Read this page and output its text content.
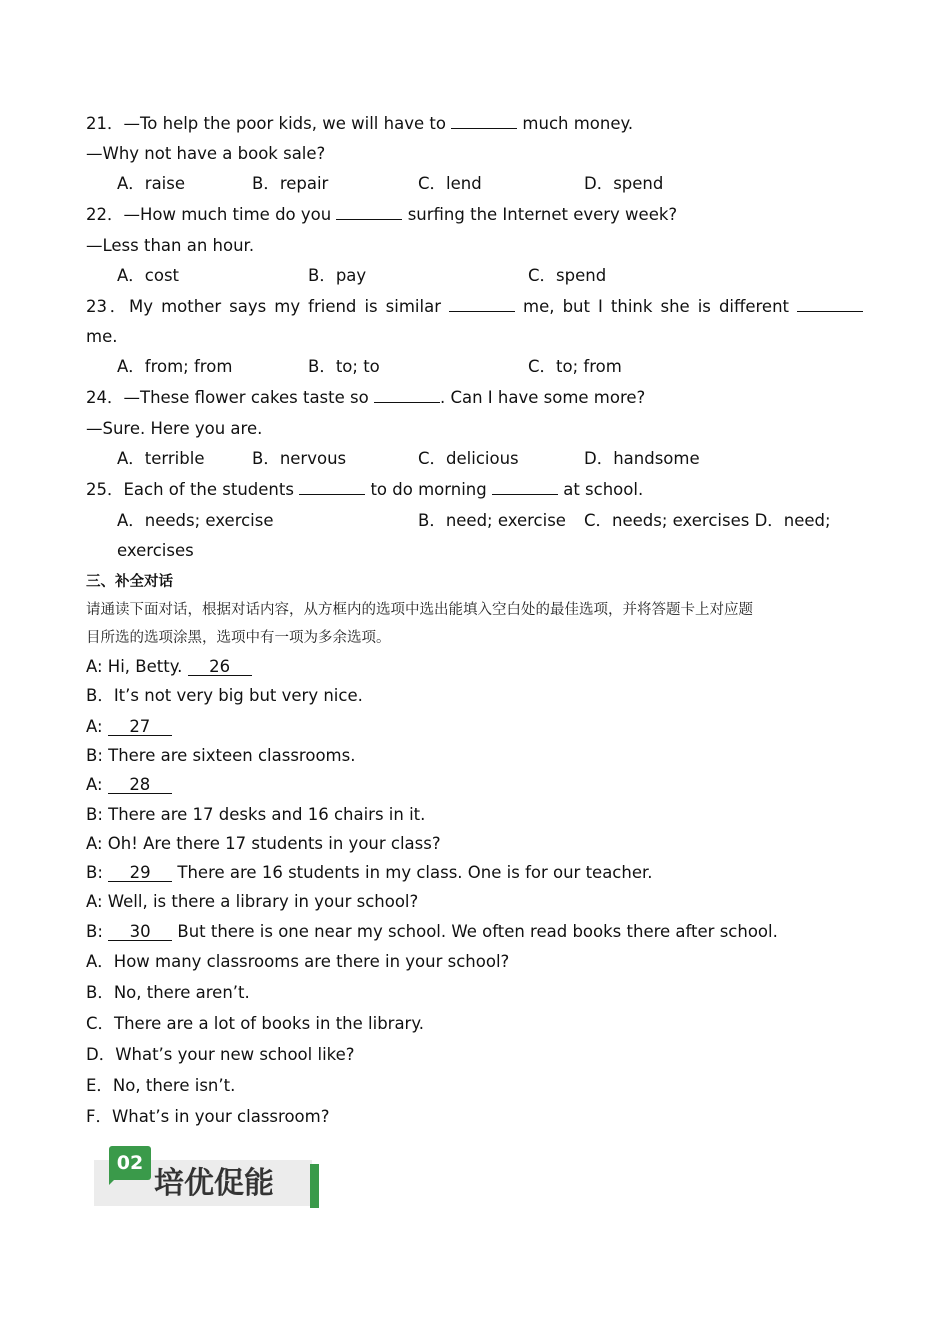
21．—To help the poor kids, we will have to	much money.
—Why not have a book sale?
A．raise	B．repair	C．lend	D．spend
22．—How much time do you	surfing the Internet every week?
—Less than an hour.
A．cost	B．pay	C．spend
23．My mother says my friend is similar	me, but I think she is different
me.
A．from; from	B．to; to	C．to; from
24．—These flower cakes taste so	. Can I have some more?
—Sure. Here you are.
A．terrible	B．nervous	C．delicious	D．handsome
25．Each of the students	to do morning	at school.
A．needs; exercise	B．need; exercise C．needs; exercises D．need;
exercises
三、补全对话
请通读下面对话，根据对话内容，从方框内的选项中选出能填入空白处的最佳选项，并将答题卡上对应题
目所选的选项涂黑，选项中有一项为多余选项。
A: Hi, Betty. 26
B．It’s not very big but very nice.
A: 27
B: There are sixteen classrooms.
A: 28
B: There are 17 desks and 16 chairs in it.
A: Oh! Are there 17 students in your class?
B: 29 There are 16 students in my class. One is for our teacher.
A: Well, is there a library in your school?
B: 30 But there is one near my school. We often read books there after school.
A．How many classrooms are there in your school?
B．No, there aren’t.
C．There are a lot of books in the library.
D．What’s your new school like?
E．No, there isn’t.
F．What’s in your classroom?
02
培优促能
